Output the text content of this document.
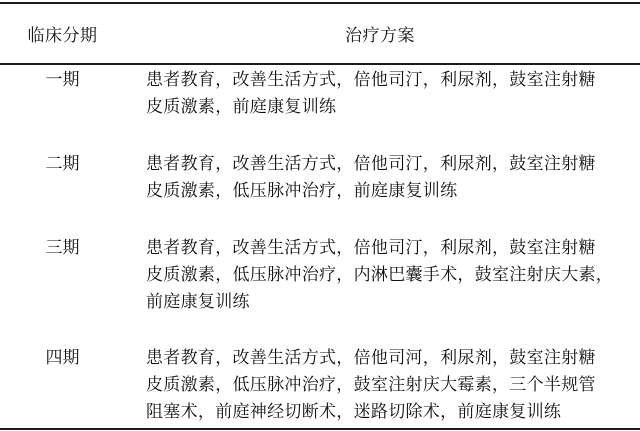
临床分期	治疗方案
一期	患者教育，改善生活方式，倍他司汀，利尿剂，鼓室注射糖
皮质激素，前庭康复训练
二期	患者教育，改善生活方式，倍他司汀，利尿剂，鼓室注射糖
皮质激素，低压脉冲治疗，前庭康复训练
三期	患者教育，改善生活方式，倍他司汀，利尿剂，鼓室注射糖
皮质激素，低压脉冲治疗，内淋巴囊手术，鼓室注射庆大素，
前庭康复训练
四期	患者教育，改善生活方式，倍他司河，利尿剂，鼓室注射糖
皮质激素，低压脉冲治疗，鼓室注射庆大霉素，三个半规管
阻塞术，前庭神经切断术，迷路切除术，前庭康复训练
